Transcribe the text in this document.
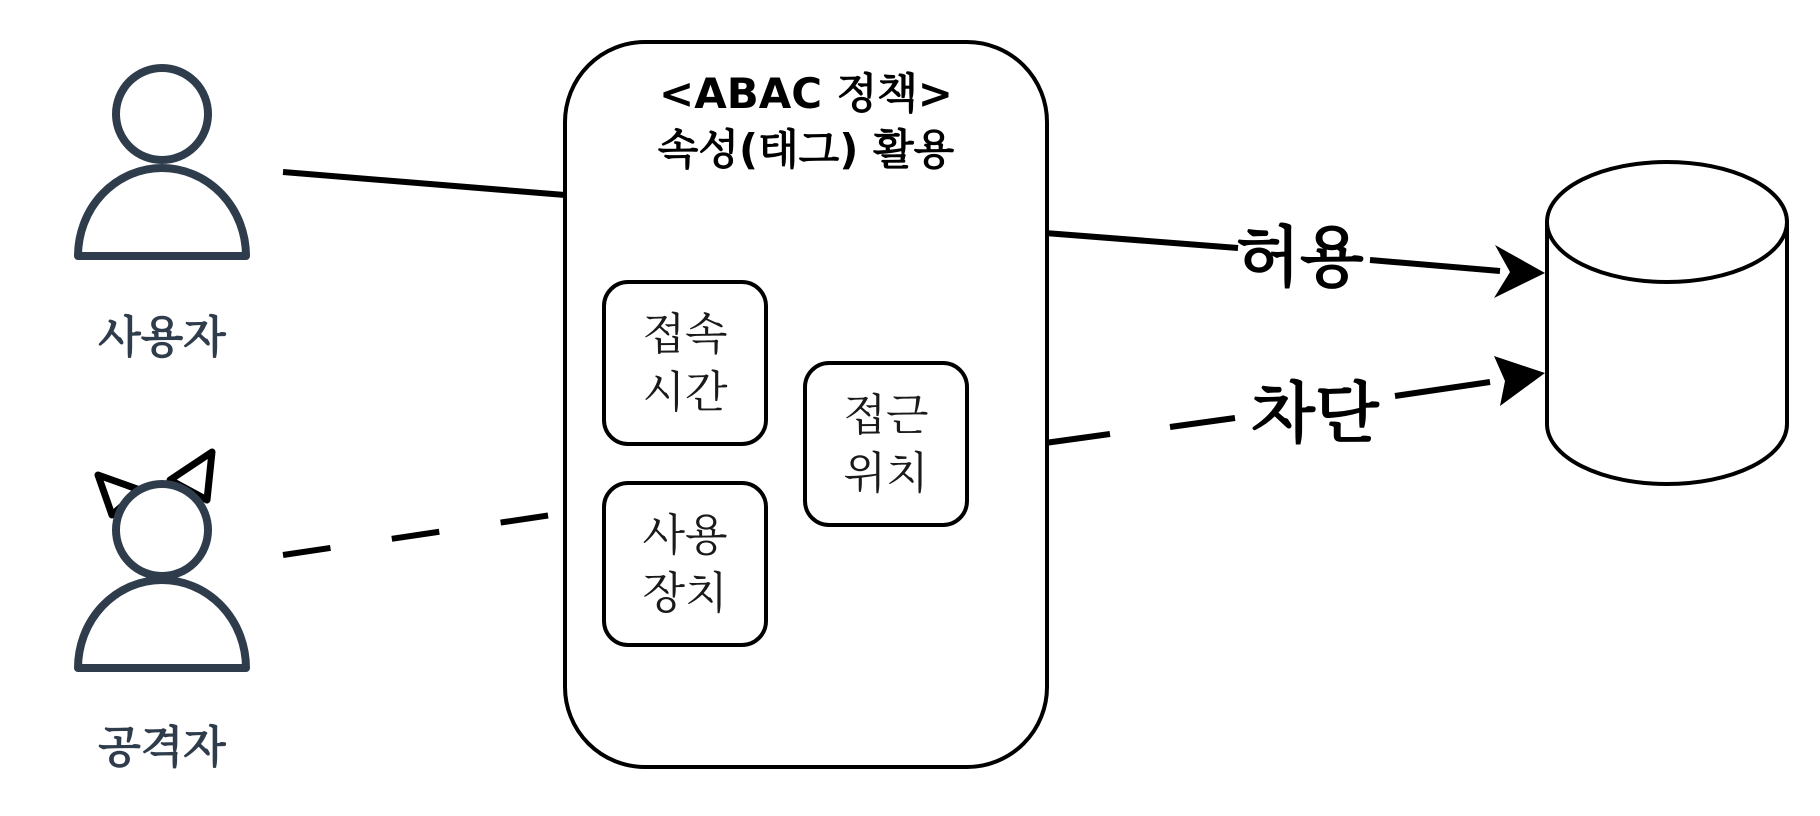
사용자
공격자
<ABAC 정책>
속성(태그) 활용
접속
시간
사용
장치
접근
위치
허용
차단
